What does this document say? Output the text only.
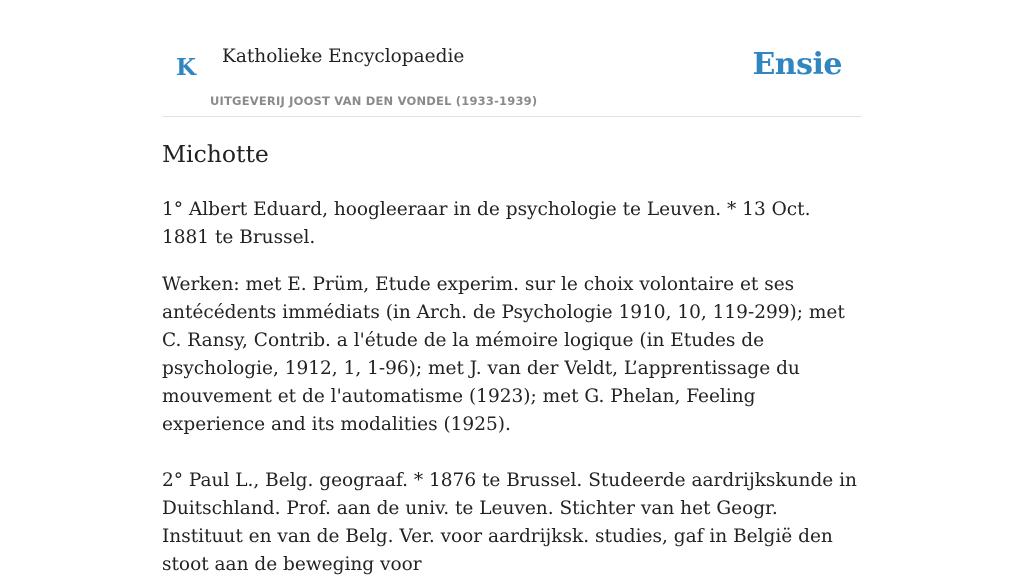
K Katholieke Encyclopaedie
UITGEVERIJ JOOST VAN DEN VONDEL (1933-1939)
Ensie
Michotte

1° Albert Eduard, hoogleeraar in de psychologie te Leuven. * 13 Oct. 1881 te Brussel.

Werken: met E. Prüm, Etude experim. sur le choix volontaire et ses antécédents immédiats (in Arch. de Psychologie 1910, 10, 119-299); met C. Ransy, Contrib. a l'étude de la mémoire logique (in Etudes de psychologie, 1912, 1, 1-96); met J. van der Veldt, L’apprentissage du mouvement et de l'automatisme (1923); met G. Phelan, Feeling experience and its modalities (1925).

2° Paul L., Belg. geograaf. * 1876 te Brussel. Studeerde aardrijkskunde in Duitschland. Prof. aan de univ. te Leuven. Stichter van het Geogr. Instituut en van de Belg. Ver. voor aardrijksk. studies, gaf in België den stoot aan de beweging voor
